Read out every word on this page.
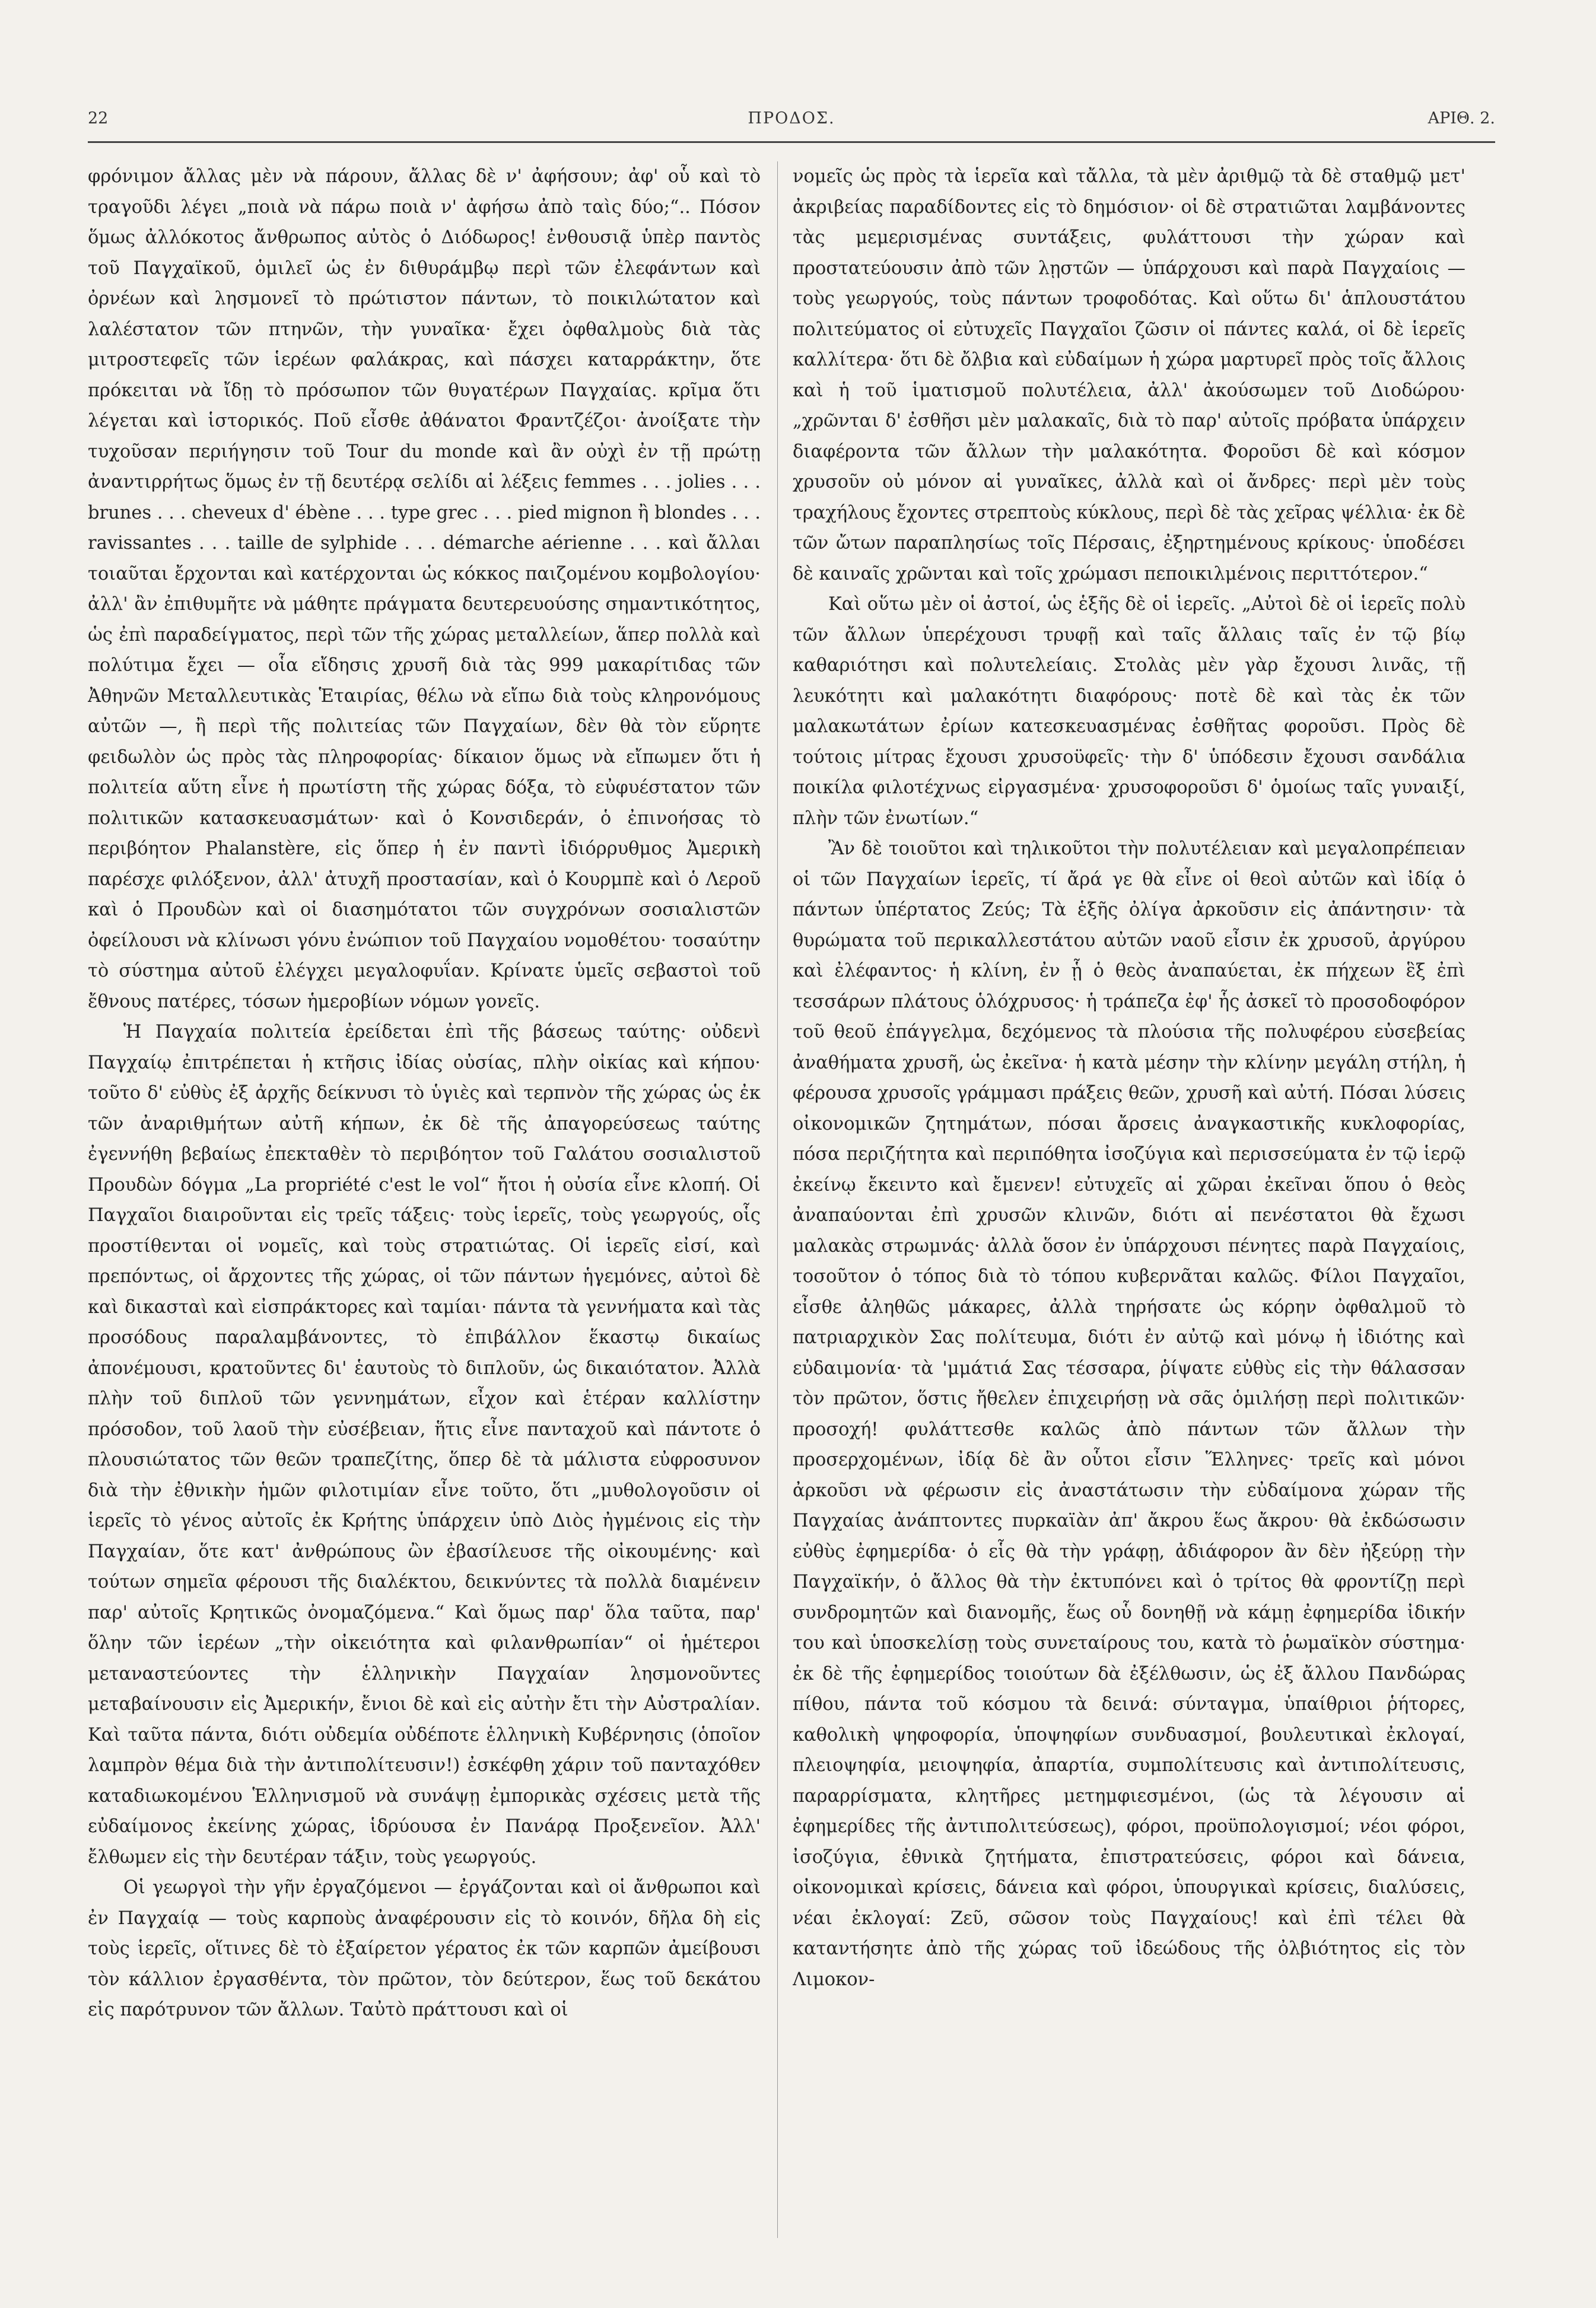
22	ΠΡΟΔΟΣ.	ΑΡΙΘ. 2.

φρόνιμον ἄλλας μὲν νὰ πάρουν, ἄλλας δὲ ν' ἀφήσουν; ἀφ' οὗ καὶ τὸ τραγοῦδι λέγει „ποιὰ νὰ πάρω ποιὰ ν' ἀφήσω ἀπὸ ταὶς δύο;“.. Πόσον ὅμως ἀλλόκοτος ἄνθρωπος αὐτὸς ὁ Διόδωρος! ἐνθουσιᾷ ὑπὲρ παντὸς τοῦ Παγχαϊκοῦ, ὁμιλεῖ ὡς ἐν διθυράμβῳ περὶ τῶν ἐλεφάντων καὶ ὀρνέων καὶ λησμονεῖ τὸ πρώτιστον πάντων, τὸ ποικιλώτατον καὶ λαλέστατον τῶν πτηνῶν, τὴν γυναῖκα· ἔχει ὀφθαλμοὺς διὰ τὰς μιτροστεφεῖς τῶν ἱερέων φαλάκρας, καὶ πάσχει καταρράκτην, ὅτε πρόκειται νὰ ἴδῃ τὸ πρόσωπον τῶν θυγατέρων Παγχαίας. κρῖμα ὅτι λέγεται καὶ ἱστορικός. Ποῦ εἶσθε ἀθάνατοι Φραντζέζοι· ἀνοίξατε τὴν τυχοῦσαν περιήγησιν τοῦ Tour du monde καὶ ἂν οὐχὶ ἐν τῇ πρώτῃ ἀναντιρρήτως ὅμως ἐν τῇ δευτέρᾳ σελίδι αἱ λέξεις femmes . . . jolies . . . brunes . . . cheveux d' ébène . . . type grec . . . pied mignon ἢ blondes . . . ravissantes . . . taille de sylphide . . . démarche aérienne . . . καὶ ἄλλαι τοιαῦται ἔρχονται καὶ κατέρχονται ὡς κόκκος παιζομένου κομβολογίου· ἀλλ' ἂν ἐπιθυμῆτε νὰ μάθητε πράγματα δευτερευούσης σημαντικότητος, ὡς ἐπὶ παραδείγματος, περὶ τῶν τῆς χώρας μεταλλείων, ἅπερ πολλὰ καὶ πολύτιμα ἔχει — οἷα εἴδησις χρυσῆ διὰ τὰς 999 μακαρίτιδας τῶν Ἀθηνῶν Μεταλλευτικὰς Ἑταιρίας, θέλω νὰ εἴπω διὰ τοὺς κληρονόμους αὐτῶν —, ἢ περὶ τῆς πολιτείας τῶν Παγχαίων, δὲν θὰ τὸν εὕρητε φειδωλὸν ὡς πρὸς τὰς πληροφορίας· δίκαιον ὅμως νὰ εἴπωμεν ὅτι ἡ πολιτεία αὕτη εἶνε ἡ πρωτίστη τῆς χώρας δόξα, τὸ εὐφυέστατον τῶν πολιτικῶν κατασκευασμάτων· καὶ ὁ Κονσιδεράν, ὁ ἐπινοήσας τὸ περιβόητον Phalanstère, εἰς ὅπερ ἡ ἐν παντὶ ἰδιόρρυθμος Ἀμερικὴ παρέσχε φιλόξενον, ἀλλ' ἀτυχῆ προστασίαν, καὶ ὁ Κουρμπὲ καὶ ὁ Λεροῦ καὶ ὁ Προυδὼν καὶ οἱ διασημότατοι τῶν συγχρόνων σοσιαλιστῶν ὀφείλουσι νὰ κλίνωσι γόνυ ἐνώπιον τοῦ Παγχαίου νομοθέτου· τοσαύτην τὸ σύστημα αὐτοῦ ἐλέγχει μεγαλοφυΐαν. Κρίνατε ὑμεῖς σεβαστοὶ τοῦ ἔθνους πατέρες, τόσων ἡμεροβίων νόμων γονεῖς.

Ἡ Παγχαία πολιτεία ἐρείδεται ἐπὶ τῆς βάσεως ταύτης· οὐδενὶ Παγχαίῳ ἐπιτρέπεται ἡ κτῆσις ἰδίας οὐσίας, πλὴν οἰκίας καὶ κήπου· τοῦτο δ' εὐθὺς ἐξ ἀρχῆς δείκνυσι τὸ ὑγιὲς καὶ τερπνὸν τῆς χώρας ὡς ἐκ τῶν ἀναριθμήτων αὐτῆ κήπων, ἐκ δὲ τῆς ἀπαγορεύσεως ταύτης ἐγεννήθη βεβαίως ἐπεκταθὲν τὸ περιβόητον τοῦ Γαλάτου σοσιαλιστοῦ Προυδὼν δόγμα „La propriété c'est le vol“ ἤτοι ἡ οὐσία εἶνε κλοπή. Οἱ Παγχαῖοι διαιροῦνται εἰς τρεῖς τάξεις· τοὺς ἱερεῖς, τοὺς γεωργούς, οἷς προστίθενται οἱ νομεῖς, καὶ τοὺς στρατιώτας. Οἱ ἱερεῖς εἰσί, καὶ πρεπόντως, οἱ ἄρχοντες τῆς χώρας, οἱ τῶν πάντων ἡγεμόνες, αὐτοὶ δὲ καὶ δικασταὶ καὶ εἰσπράκτορες καὶ ταμίαι· πάντα τὰ γεννήματα καὶ τὰς προσόδους παραλαμβάνοντες, τὸ ἐπιβάλλον ἕκαστῳ δικαίως ἀπονέμουσι, κρατοῦντες δι' ἑαυτοὺς τὸ διπλοῦν, ὡς δικαιότατον. Ἀλλὰ πλὴν τοῦ διπλοῦ τῶν γεννημάτων, εἶχον καὶ ἑτέραν καλλίστην πρόσοδον, τοῦ λαοῦ τὴν εὐσέβειαν, ἥτις εἶνε πανταχοῦ καὶ πάντοτε ὁ πλουσιώτατος τῶν θεῶν τραπεζίτης, ὅπερ δὲ τὰ μάλιστα εὐφροσυνον διὰ τὴν ἐθνικὴν ἡμῶν φιλοτιμίαν εἶνε τοῦτο, ὅτι „μυθολογοῦσιν οἱ ἱερεῖς τὸ γένος αὐτοῖς ἐκ Κρήτης ὑπάρχειν ὑπὸ Διὸς ἠγμένοις εἰς τὴν Παγχαίαν, ὅτε κατ' ἀνθρώπους ὢν ἐβασίλευσε τῆς οἰκουμένης· καὶ τούτων σημεῖα φέρουσι τῆς διαλέκτου, δεικνύντες τὰ πολλὰ διαμένειν παρ' αὐτοῖς Κρητικῶς ὀνομαζόμενα.“ Καὶ ὅμως παρ' ὅλα ταῦτα, παρ' ὅλην τῶν ἱερέων „τὴν οἰκειότητα καὶ φιλανθρωπίαν“ οἱ ἡμέτεροι μεταναστεύοντες τὴν ἑλληνικὴν Παγχαίαν λησμονοῦντες μεταβαίνουσιν εἰς Ἀμερικήν, ἔνιοι δὲ καὶ εἰς αὐτὴν ἔτι τὴν Αὐστραλίαν. Καὶ ταῦτα πάντα, διότι οὐδεμία οὐδέποτε ἑλληνικὴ Κυβέρνησις (ὁποῖον λαμπρὸν θέμα διὰ τὴν ἀντιπολίτευσιν!) ἐσκέφθη χάριν τοῦ πανταχόθεν καταδιωκομένου Ἑλληνισμοῦ νὰ συνάψῃ ἐμπορικὰς σχέσεις μετὰ τῆς εὐδαίμονος ἐκείνης χώρας, ἱδρύουσα ἐν Πανάρᾳ Προξενεῖον. Ἀλλ' ἔλθωμεν εἰς τὴν δευτέραν τάξιν, τοὺς γεωργούς.

Οἱ γεωργοὶ τὴν γῆν ἐργαζόμενοι — ἐργάζονται καὶ οἱ ἄνθρωποι καὶ ἐν Παγχαίᾳ — τοὺς καρποὺς ἀναφέρουσιν εἰς τὸ κοινόν, δῆλα δὴ εἰς τοὺς ἱερεῖς, οἵτινες δὲ τὸ ἐξαίρετον γέρατος ἐκ τῶν καρπῶν ἀμείβουσι τὸν κάλλιον ἐργασθέντα, τὸν πρῶτον, τὸν δεύτερον, ἕως τοῦ δεκάτου εἰς παρότρυνον τῶν ἄλλων. Ταὐτὸ πράττουσι καὶ οἱ

νομεῖς ὡς πρὸς τὰ ἱερεῖα καὶ τἄλλα, τὰ μὲν ἀριθμῷ τὰ δὲ σταθμῷ μετ' ἀκριβείας παραδίδοντες εἰς τὸ δημόσιον· οἱ δὲ στρατιῶται λαμβάνοντες τὰς μεμερισμένας συντάξεις, φυλάττουσι τὴν χώραν καὶ προστατεύουσιν ἀπὸ τῶν λῃστῶν — ὑπάρχουσι καὶ παρὰ Παγχαίοις — τοὺς γεωργούς, τοὺς πάντων τροφοδότας. Καὶ οὕτω δι' ἁπλουστάτου πολιτεύματος οἱ εὐτυχεῖς Παγχαῖοι ζῶσιν οἱ πάντες καλά, οἱ δὲ ἱερεῖς καλλίτερα· ὅτι δὲ ὄλβια καὶ εὐδαίμων ἡ χώρα μαρτυρεῖ πρὸς τοῖς ἄλλοις καὶ ἡ τοῦ ἱματισμοῦ πολυτέλεια, ἀλλ' ἀκούσωμεν τοῦ Διοδώρου· „χρῶνται δ' ἐσθῆσι μὲν μαλακαῖς, διὰ τὸ παρ' αὐτοῖς πρόβατα ὑπάρχειν διαφέροντα τῶν ἄλλων τὴν μαλακότητα. Φοροῦσι δὲ καὶ κόσμον χρυσοῦν οὐ μόνον αἱ γυναῖκες, ἀλλὰ καὶ οἱ ἄνδρες· περὶ μὲν τοὺς τραχήλους ἔχοντες στρεπτοὺς κύκλους, περὶ δὲ τὰς χεῖρας ψέλλια· ἐκ δὲ τῶν ὤτων παραπλησίως τοῖς Πέρσαις, ἐξηρτημένους κρίκους· ὑποδέσει δὲ καιναῖς χρῶνται καὶ τοῖς χρώμασι πεποικιλμένοις περιττότερον.“

Καὶ οὕτω μὲν οἱ ἀστοί, ὡς ἑξῆς δὲ οἱ ἱερεῖς. „Αὐτοὶ δὲ οἱ ἱερεῖς πολὺ τῶν ἄλλων ὑπερέχουσι τρυφῇ καὶ ταῖς ἄλλαις ταῖς ἐν τῷ βίῳ καθαριότησι καὶ πολυτελείαις. Στολὰς μὲν γὰρ ἔχουσι λινᾶς, τῇ λευκότητι καὶ μαλακότητι διαφόρους· ποτὲ δὲ καὶ τὰς ἐκ τῶν μαλακωτάτων ἐρίων κατεσκευασμένας ἐσθῆτας φοροῦσι. Πρὸς δὲ τούτοις μίτρας ἔχουσι χρυσοϋφεῖς· τὴν δ' ὑπόδεσιν ἔχουσι σανδάλια ποικίλα φιλοτέχνως εἰργασμένα· χρυσοφοροῦσι δ' ὁμοίως ταῖς γυναιξί, πλὴν τῶν ἐνωτίων.“

Ἂν δὲ τοιοῦτοι καὶ τηλικοῦτοι τὴν πολυτέλειαν καὶ μεγαλοπρέπειαν οἱ τῶν Παγχαίων ἱερεῖς, τί ἄρά γε θὰ εἶνε οἱ θεοὶ αὐτῶν καὶ ἰδίᾳ ὁ πάντων ὑπέρτατος Ζεύς; Τὰ ἑξῆς ὀλίγα ἀρκοῦσιν εἰς ἀπάντησιν· τὰ θυρώματα τοῦ περικαλλεστάτου αὐτῶν ναοῦ εἶσιν ἐκ χρυσοῦ, ἀργύρου καὶ ἐλέφαντος· ἡ κλίνη, ἐν ᾗ ὁ θεὸς ἀναπαύεται, ἐκ πήχεων ἓξ ἐπὶ τεσσάρων πλάτους ὁλόχρυσος· ἡ τράπεζα ἐφ' ἧς ἀσκεῖ τὸ προσοδοφόρον τοῦ θεοῦ ἐπάγγελμα, δεχόμενος τὰ πλούσια τῆς πολυφέρου εὐσεβείας ἀναθήματα χρυσῆ, ὡς ἐκεῖνα· ἡ κατὰ μέσην τὴν κλίνην μεγάλη στήλη, ἡ φέρουσα χρυσοῖς γράμμασι πράξεις θεῶν, χρυσῆ καὶ αὐτή. Πόσαι λύσεις οἰκονομικῶν ζητημάτων, πόσαι ἄρσεις ἀναγκαστικῆς κυκλοφορίας, πόσα περιζήτητα καὶ περιπόθητα ἰσοζύγια καὶ περισσεύματα ἐν τῷ ἱερῷ ἐκείνῳ ἔκειντο καὶ ἔμενεν! εὐτυχεῖς αἱ χῶραι ἐκεῖναι ὅπου ὁ θεὸς ἀναπαύονται ἐπὶ χρυσῶν κλινῶν, διότι αἱ πενέστατοι θὰ ἔχωσι μαλακὰς στρωμνάς· ἀλλὰ ὅσον ἐν ὑπάρχουσι πένητες παρὰ Παγχαίοις, τοσοῦτον ὁ τόπος διὰ τὸ τόπου κυβερνᾶται καλῶς. Φίλοι Παγχαῖοι, εἶσθε ἀληθῶς μάκαρες, ἀλλὰ τηρήσατε ὡς κόρην ὀφθαλμοῦ τὸ πατριαρχικὸν Σας πολίτευμα, διότι ἐν αὐτῷ καὶ μόνῳ ἡ ἰδιότης καὶ εὐδαιμονία· τὰ 'μμάτιά Σας τέσσαρα, ῥίψατε εὐθὺς εἰς τὴν θάλασσαν τὸν πρῶτον, ὅστις ἤθελεν ἐπιχειρήσῃ νὰ σᾶς ὁμιλήσῃ περὶ πολιτικῶν· προσοχή! φυλάττεσθε καλῶς ἀπὸ πάντων τῶν ἄλλων τὴν προσερχομένων, ἰδίᾳ δὲ ἂν οὗτοι εἶσιν Ἕλληνες· τρεῖς καὶ μόνοι ἀρκοῦσι νὰ φέρωσιν εἰς ἀναστάτωσιν τὴν εὐδαίμονα χώραν τῆς Παγχαίας ἀνάπτοντες πυρκαϊὰν ἀπ' ἄκρου ἕως ἄκρου· θὰ ἐκδώσωσιν εὐθὺς ἐφημερίδα· ὁ εἷς θὰ τὴν γράφῃ, ἀδιάφορον ἂν δὲν ἠξεύρῃ τὴν Παγχαϊκήν, ὁ ἄλλος θὰ τὴν ἐκτυπόνει καὶ ὁ τρίτος θὰ φροντίζῃ περὶ συνδρομητῶν καὶ διανομῆς, ἕως οὗ δονηθῇ νὰ κάμῃ ἐφημερίδα ἰδικήν του καὶ ὑποσκελίσῃ τοὺς συνεταίρους του, κατὰ τὸ ῥωμαϊκὸν σύστημα· ἐκ δὲ τῆς ἐφημερίδος τοιούτων δὰ ἐξέλθωσιν, ὡς ἐξ ἄλλου Πανδώρας πίθου, πάντα τοῦ κόσμου τὰ δεινά: σύνταγμα, ὑπαίθριοι ῥήτορες, καθολικὴ ψηφοφορία, ὑποψηφίων συνδυασμοί, βουλευτικαὶ ἐκλογαί, πλειοψηφία, μειοψηφία, ἀπαρτία, συμπολίτευσις καὶ ἀντιπολίτευσις, παραρρίσματα, κλητῆρες μετημφιεσμένοι, (ὡς τὰ λέγουσιν αἱ ἐφημερίδες τῆς ἀντιπολιτεύσεως), φόροι, προϋπολογισμοί; νέοι φόροι, ἰσοζύγια, ἐθνικὰ ζητήματα, ἐπιστρατεύσεις, φόροι καὶ δάνεια, οἰκονομικαὶ κρίσεις, δάνεια καὶ φόροι, ὑπουργικαὶ κρίσεις, διαλύσεις, νέαι ἐκλογαί: Ζεῦ, σῶσον τοὺς Παγχαίους! καὶ ἐπὶ τέλει θὰ καταντήσητε ἀπὸ τῆς χώρας τοῦ ἰδεώδους τῆς ὀλβιότητος εἰς τὸν Λιμοκον-
